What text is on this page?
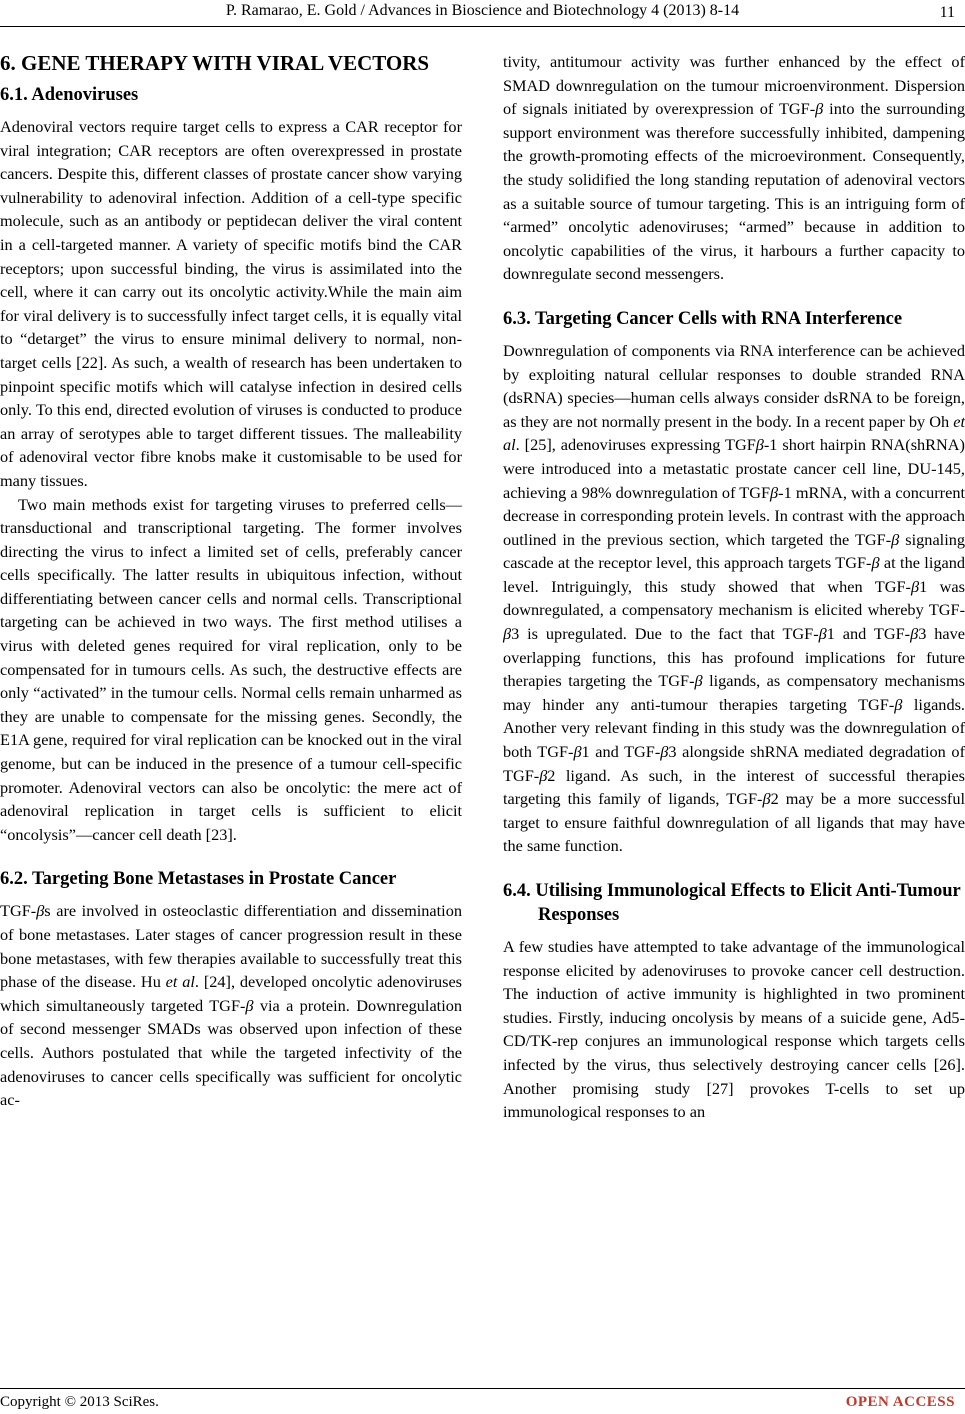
P. Ramarao, E. Gold / Advances in Bioscience and Biotechnology 4 (2013) 8-14	11
6. GENE THERAPY WITH VIRAL VECTORS
6.1. Adenoviruses

Adenoviral vectors require target cells to express a CAR receptor for viral integration; CAR receptors are often overexpressed in prostate cancers. Despite this, different classes of prostate cancer show varying vulnerability to adenoviral infection. Addition of a cell-type specific molecule, such as an antibody or peptidecan deliver the viral content in a cell-targeted manner. A variety of specific motifs bind the CAR receptors; upon successful binding, the virus is assimilated into the cell, where it can carry out its oncolytic activity.While the main aim for viral delivery is to successfully infect target cells, it is equally vital to “detarget” the virus to ensure minimal delivery to normal, non-target cells [22]. As such, a wealth of research has been undertaken to pinpoint specific motifs which will catalyse infection in desired cells only. To this end, directed evolution of viruses is conducted to produce an array of serotypes able to target different tissues. The malleability of adenoviral vector fibre knobs make it customisable to be used for many tissues.

Two main methods exist for targeting viruses to preferred cells—transductional and transcriptional targeting. The former involves directing the virus to infect a limited set of cells, preferably cancer cells specifically. The latter results in ubiquitous infection, without differentiating between cancer cells and normal cells. Transcriptional targeting can be achieved in two ways. The first method utilises a virus with deleted genes required for viral replication, only to be compensated for in tumours cells. As such, the destructive effects are only “activated” in the tumour cells. Normal cells remain unharmed as they are unable to compensate for the missing genes. Secondly, the E1A gene, required for viral replication can be knocked out in the viral genome, but can be induced in the presence of a tumour cell-specific promoter. Adenoviral vectors can also be oncolytic: the mere act of adenoviral replication in target cells is sufficient to elicit “oncolysis”—cancer cell death [23].

6.2. Targeting Bone Metastases in Prostate Cancer

TGF-βs are involved in osteoclastic differentiation and dissemination of bone metastases. Later stages of cancer progression result in these bone metastases, with few therapies available to successfully treat this phase of the disease. Hu et al. [24], developed oncolytic adenoviruses which simultaneously targeted TGF-β via a protein. Downregulation of second messenger SMADs was observed upon infection of these cells. Authors postulated that while the targeted infectivity of the adenoviruses to cancer cells specifically was sufficient for oncolytic ac-

tivity, antitumour activity was further enhanced by the effect of SMAD downregulation on the tumour microenvironment. Dispersion of signals initiated by overexpression of TGF-β into the surrounding support environment was therefore successfully inhibited, dampening the growth-promoting effects of the microevironment. Consequently, the study solidified the long standing reputation of adenoviral vectors as a suitable source of tumour targeting. This is an intriguing form of “armed” oncolytic adenoviruses; “armed” because in addition to oncolytic capabilities of the virus, it harbours a further capacity to downregulate second messengers.

6.3. Targeting Cancer Cells with RNA Interference

Downregulation of components via RNA interference can be achieved by exploiting natural cellular responses to double stranded RNA (dsRNA) species—human cells always consider dsRNA to be foreign, as they are not normally present in the body. In a recent paper by Oh et al. [25], adenoviruses expressing TGFβ-1 short hairpin RNA(shRNA) were introduced into a metastatic prostate cancer cell line, DU-145, achieving a 98% downregulation of TGFβ-1 mRNA, with a concurrent decrease in corresponding protein levels. In contrast with the approach outlined in the previous section, which targeted the TGF-β signaling cascade at the receptor level, this approach targets TGF-β at the ligand level. Intriguingly, this study showed that when TGF-β1 was downregulated, a compensatory mechanism is elicited whereby TGF-β3 is upregulated. Due to the fact that TGF-β1 and TGF-β3 have overlapping functions, this has profound implications for future therapies targeting the TGF-β ligands, as compensatory mechanisms may hinder any anti-tumour therapies targeting TGF-β ligands. Another very relevant finding in this study was the downregulation of both TGF-β1 and TGF-β3 alongside shRNA mediated degradation of TGF-β2 ligand. As such, in the interest of successful therapies targeting this family of ligands, TGF-β2 may be a more successful target to ensure faithful downregulation of all ligands that may have the same function.

6.4. Utilising Immunological Effects to Elicit Anti-Tumour Responses

A few studies have attempted to take advantage of the immunological response elicited by adenoviruses to provoke cancer cell destruction. The induction of active immunity is highlighted in two prominent studies. Firstly, inducing oncolysis by means of a suicide gene, Ad5-CD/TK-rep conjures an immunological response which targets cells infected by the virus, thus selectively destroying cancer cells [26]. Another promising study [27] provokes T-cells to set up immunological responses to an

Copyright © 2013 SciRes.	OPEN ACCESS
